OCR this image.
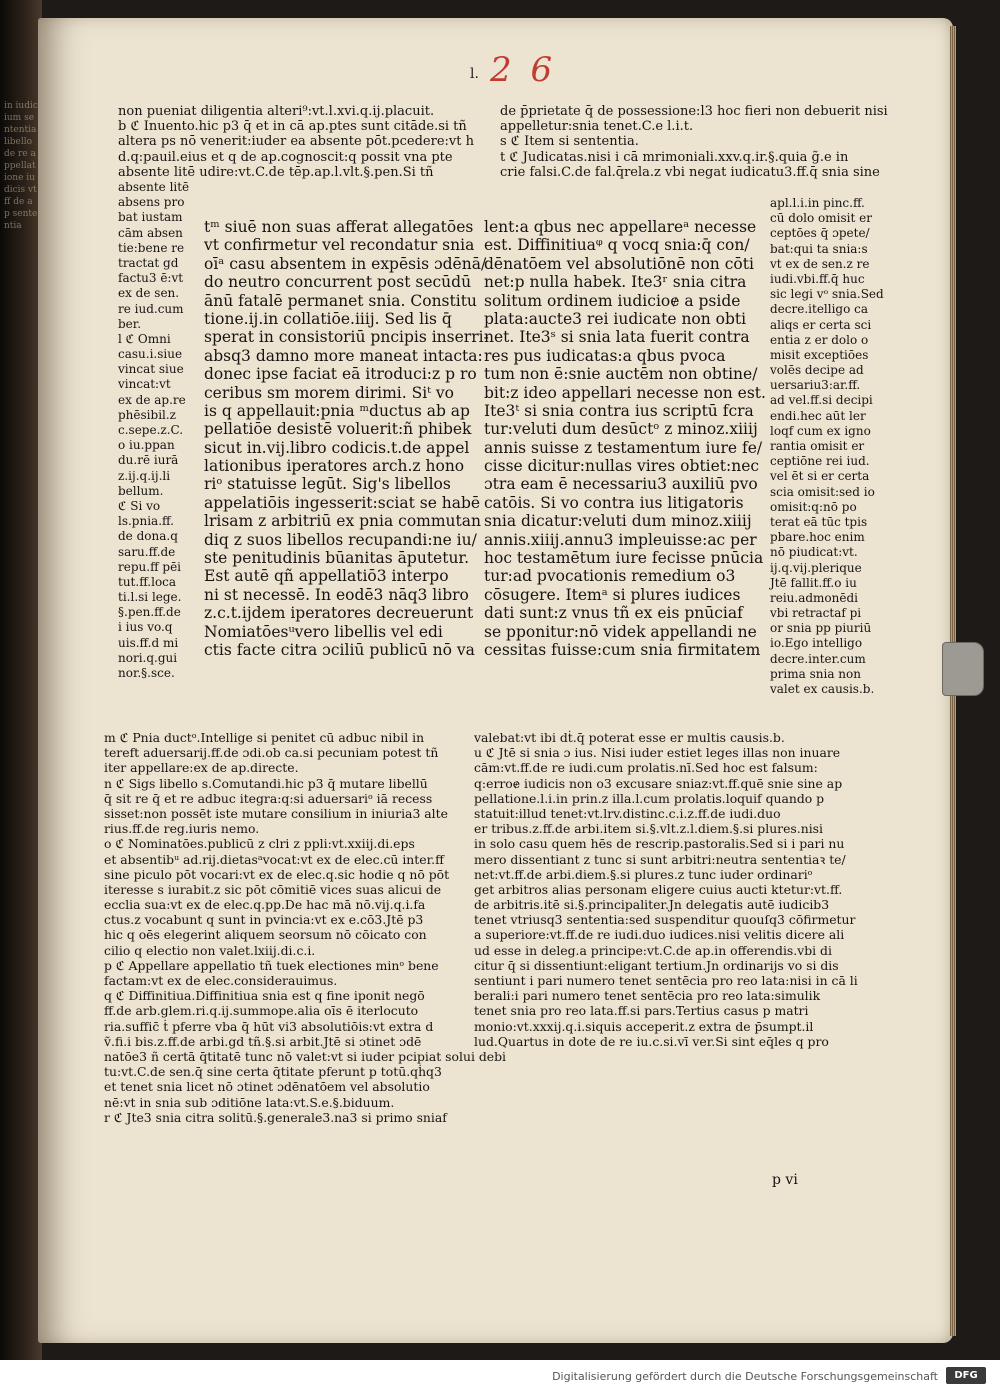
in iudicium sententia libello de re appellatione iudicis vt ff de ap sententia
l. 2 6
non pueniat diligentia alteri⁹:vt.l.xvi.q.ij.placuit.
b ℭ Inuento.hic p3 q̄ et in cā ap.ptes sunt citāde.si tñ
altera ps nō venerit:iuder ea absente pōt.pcedere:vt h
d.q:pauil.eius et q de ap.cognoscit:q possit vna pte
absente litē udire:vt.C.de tēp.ap.l.vlt.§.pen.Si tñ
de p̄prietate q̄ de possessione:l3 hoc fieri non debuerit nisi
appelletur:snia tenet.C.e l.i.t.
s ℭ Item si sententia.
t ℭ Judicatas.nisi i cā mrimoniali.xxv.q.ir.§.quia g̃.e in
crie falsi.C.de fal.q̄rela.z vbi negat iudicatu3.ff.q̄ snia sine
absente litē
absens pro
bat iustam
cām absen
tie:bene re
tractat gd
factu3 ē:vt
ex de sen.
re iud.cum
ber.
l ℭ Omni
casu.i.siue
vincat siue
vincat:vt
ex de ap.re
phēsibil.z
c.sepe.z.C.
o iu.ppan
du.rē iurā
z.ij.q.ij.li
bellum.
ℭ Si vo
ls.pnia.ff.
de dona.q
saru.ff.de
repu.ff pēi
tut.ff.loca
ti.l.si lege.
§.pen.ff.de
i ius vo.q
uis.ff.d mi
nori.q.gui
nor.§.sce.
tᵐ siuē non suas afferat allegatōes
vt confirmetur vel recondatur snia
oīᵃ casu absentem in expēsis ɔdēnā/
do neutro concurrent post secūdū
ānū fatalē permanet snia. Constitu
tione.ij.in collatiōe.iiij. Sed lis q̄
sperat in consistoriū pncipis inserri-
absq3 damno more maneat intacta:
donec ipse faciat eā itroduci:z p ro
ceribus sm morem dirimi. Siᵗ vo
is q appellauit:pnia ᵐductus ab ap
pellatiōe desistē voluerit:ñ phibek
sicut in.vij.libro codicis.t.de appel
lationibus iperatores arch.z hono
riᵒ statuisse legūt. Sig's libellos
appelatiōis ingesserit:sciat se habē
lrisam z arbitriū ex pnia commutan
diq z suos libellos recupandi:ne iu/
ste penitudinis būanitas āputetur.
Est autē qñ appellatiō3 interpo
ni st necessē. In eodē3 nāq3 libro
z.c.t.ijdem iperatores decreuerunt
Nomiatōesᵘvero libellis vel edi
ctis facte citra ɔciliū publicū nō va
lent:a qbus nec appellareᵃ necesse
est. Diffinitiuaᵠ q vocq snia:q̄ con/
dēnatōem vel absolutiōnē non cōti
net:p nulla habek. Ite3ʳ snia citra
solitum ordinem iudicioɇ a pside
plata:aucte3 rei iudicate non obti
net. Ite3ˢ si snia lata fuerit contra
res pus iudicatas:a qbus pvoca
tum non ē:snie auctēm non obtine/
bit:z ideo appellari necesse non est.
Ite3ᵗ si snia contra ius scriptū fcra
tur:veluti dum desūctᵒ z minoz.xiiij
annis suisse z testamentum iure fe/
cisse dicitur:nullas vires obtiet:nec
ɔtra eam ē necessariu3 auxiliū pvo
catōis. Si vo contra ius litigatoris
snia dicatur:veluti dum minoz.xiiij
annis.xiiij.annu3 impleuisse:ac per
hoc testamētum iure fecisse pnūcia
tur:ad pvocationis remedium o3
cōsugere. Itemᵃ si plures iudices
dati sunt:z vnus tñ ex eis pnūciaf
se pponitur:nō videk appellandi ne
cessitas fuisse:cum snia firmitatem
apl.l.i.in pinc.ff.
cū dolo omisit er
ceptōes q̄ ɔpete/
bat:qui ta snia:s
vt ex de sen.z re
iudi.vbi.ff.q̄ huc
sic legi vᵒ snia.Sed
decre.itelligo ca
aliqs er certa sci
entia z er dolo o
misit exceptiōes
volēs decipe ad
uersariu3:ar.ff.
ad vel.ff.si decipi
endi.hec aūt ler
loqf cum ex igno
rantia omisit er
ceptiōne rei iud.
vel ēt si er certa
scia omisit:sed io
omisit:q:nō po
terat eā tūc tpis
pbare.hoc enim
nō piudicat:vt.
ij.q.vij.plerique
Jtē fallit.ff.o iu
reiu.admonēdi
vbi retractaf pi
or snia pp piuriū
io.Ego intelligo
decre.inter.cum
prima snia non
valet ex causis.b.
m ℭ Pnia ductᵒ.Intellige si penitet cū adbuc nibil in
tereft aduersarij.ff.de ɔdi.ob ca.si pecuniam potest tñ
iter appellare:ex de ap.directe.
n ℭ Sigs libello s.Comutandi.hic p3 q̄ mutare libellū
q̄ sit re q̄ et re adbuc itegra:q:si aduersariᵒ iā recess
sisset:non possēt iste mutare consilium in iniuria3 alte
rius.ff.de reg.iuris nemo.
o ℭ Nominatōes.publicū z clri z ppli:vt.xxiij.di.eps
et absentibᵘ ad.rij.dietasᵃvocat:vt ex de elec.cū inter.ff
sine piculo pōt vocari:vt ex de elec.q.sic hodie q nō pōt
iteresse s iurabit.z sic pōt cōmitiē vices suas alicui de
ecclia sua:vt ex de elec.q.pp.De hac mā nō.vij.q.i.fa
ctus.z vocabunt q sunt in pvincia:vt ex e.cō3.Jtē p3
hic q oēs elegerint aliquem seorsum nō cōicato con
cilio q electio non valet.lxiij.di.c.i.
p ℭ Appellare appellatio tñ tuek electiones minᵒ bene
factam:vt ex de elec.considerauimus.
q ℭ Diffinitiua.Diffinitiua snia est q fine iponit negō
ff.de arb.glem.ri.q.ij.summope.alia oīs ē iterlocuto
ria.suffic̄ ṫ pferre vba q̄ hūt vi3 absolutiōis:vt extra d
ṽ.fi.i bis.z.ff.de arbi.gd tñ.§.si arbit.Jtē si ɔtinet ɔdē
natōe3 ñ certā q̄titatē tunc nō valet:vt si iuder pcipiat solui debi
tu:vt.C.de sen.q̄ sine certa q̄titate pferunt p totū.qḣq3
et tenet snia licet nō ɔtinet ɔdēnatōem vel absolutio
nē:vt in snia sub ɔditiōne lata:vt.S.e.§.biduum.
r ℭ Jte3 snia citra solitū.§.generale3.na3 si primo sniaf
valebat:vt ibi dṫ.q̄ poterat esse er multis causis.b.
u ℭ Jtē si snia ɔ ius. Nisi iuder estiet leges illas non inuare
cām:vt.ff.de re iudi.cum prolatis.nī.Sed hoc est falsum:
q:erroɇ iudicis non o3 excusare sniaz:vt.ff.quē snie sine ap
pellatione.l.i.in prin.z illa.l.cum prolatis.loquif quando p
statuit:illud tenet:vt.lrv.distinc.c.i.z.ff.de iudi.duo
er tribus.z.ff.de arbi.item si.§.vlt.z.l.diem.§.si plures.nisi
in solo casu quem hēs de rescrip.pastoralis.Sed si i pari nu
mero dissentiant z tunc si sunt arbitri:neutra sententiaꝛ te/
net:vt.ff.de arbi.diem.§.si plures.z tunc iuder ordinariᵒ
get arbitros alias personam eligere cuius aucti ktetur:vt.ff.
de arbitris.itē si.§.principaliter.Jn delegatis autē iudicib3
tenet vtriusq3 sententia:sed suspenditur quouſq3 cōfirmetur
a superiore:vt.ff.de re iudi.duo iudices.nisi velitis dicere ali
ud esse in deleg.a principe:vt.C.de ap.in offerendis.vbi di
citur q̄ si dissentiunt:eligant tertium.Jn ordinarijs vo si dis
sentiunt i pari numero tenet sentēcia pro reo lata:nisi in cā li
berali:i pari numero tenet sentēcia pro reo lata:simulik
tenet snia pro reo lata.ff.si pars.Tertius casus p matri
monio:vt.xxxij.q.i.siquis acceperit.z extra de p̄sumpt.il
lud.Quartus in dote de re iu.c.si.vī ver.Si sint eq̄les q pro
p vi
Digitalisierung gefördert durch die Deutsche Forschungsgemeinschaft	DFG
